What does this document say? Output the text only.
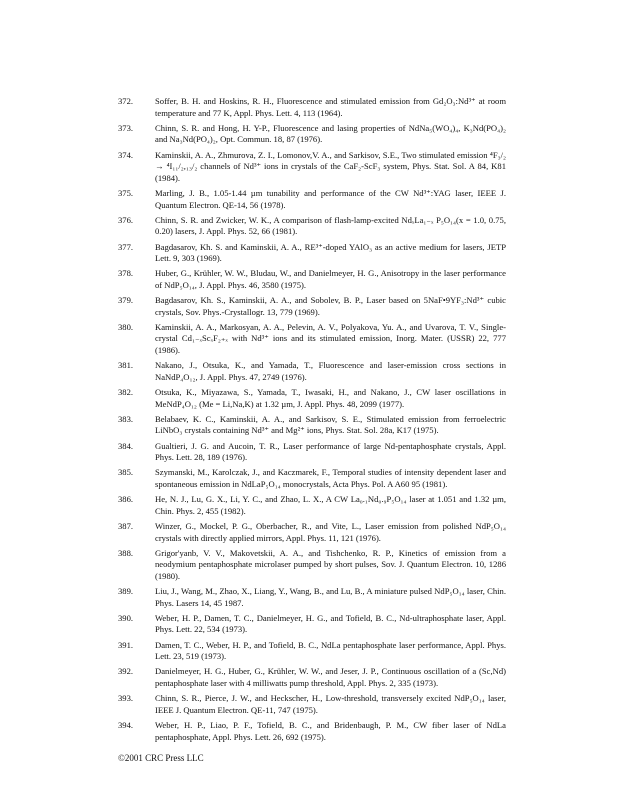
372.	Soffer, B. H. and Hoskins, R. H., Fluorescence and stimulated emission from Gd₂O₃:Nd³⁺ at room temperature and 77 K, Appl. Phys. Lett. 4, 113 (1964).
373.	Chinn, S. R. and Hong, H. Y-P., Fluorescence and lasing properties of NdNa₅(WO₄)₄, K₃Nd(PO₄)₂ and Na₃Nd(PO₄)₂, Opt. Commun. 18, 87 (1976).
374.	Kaminskii, A. A., Zhmurova, Z. I., Lomonov,V. A., and Sarkisov, S.E., Two stimulated emission ⁴F₃/₂ → ⁴I₁₁/₂,₁₃/₂ channels of Nd³⁺ ions in crystals of the CaF₂-ScF₃ system, Phys. Stat. Sol. A 84, K81 (1984).
375.	Marling, J. B., 1.05-1.44 µm tunability and performance of the CW Nd³⁺:YAG laser, IEEE J. Quantum Electron. QE-14, 56 (1978).
376.	Chinn, S. R. and Zwicker, W. K., A comparison of flash-lamp-excited NdₓLa₁₋ₓ P₅O₁₄(x = 1.0, 0.75, 0.20) lasers, J. Appl. Phys. 52, 66 (1981).
377.	Bagdasarov, Kh. S. and Kaminskii, A. A., RE³⁺-doped YAlO₃ as an active medium for lasers, JETP Lett. 9, 303 (1969).
378.	Huber, G., Krühler, W. W., Bludau, W., and Danielmeyer, H. G., Anisotropy in the laser performance of NdP₅O₁₄, J. Appl. Phys. 46, 3580 (1975).
379.	Bagdasarov, Kh. S., Kaminskii, A. A., and Sobolev, B. P., Laser based on 5NaF•9YF₃:Nd³⁺ cubic crystals, Sov. Phys.-Crystallogr. 13, 779 (1969).
380.	Kaminskii, A. A., Markosyan, A. A., Pelevin, A. V., Polyakova, Yu. A., and Uvarova, T. V., Single-crystal Cd₁₋ₓScₓF₂₊ₓ with Nd³⁺ ions and its stimulated emission, Inorg. Mater. (USSR) 22, 777 (1986).
381.	Nakano, J., Otsuka, K., and Yamada, T., Fluorescence and laser-emission cross sections in NaNdP₄O₁₂, J. Appl. Phys. 47, 2749 (1976).
382.	Otsuka, K., Miyazawa, S., Yamada, T., Iwasaki, H., and Nakano, J., CW laser oscillations in MeNdP₄O₁₂ (Me = Li,Na,K) at 1.32 µm, J. Appl. Phys. 48, 2099 (1977).
383.	Belabaev, K. C., Kaminskii, A. A., and Sarkisov, S. E., Stimulated emission from ferroelectric LiNbO₃ crystals containing Nd³⁺ and Mg²⁺ ions, Phys. Stat. Sol. 28a, K17 (1975).
384.	Gualtieri, J. G. and Aucoin, T. R., Laser performance of large Nd-pentaphosphate crystals, Appl. Phys. Lett. 28, 189 (1976).
385.	Szymanski, M., Karolczak, J., and Kaczmarek, F., Temporal studies of intensity dependent laser and spontaneous emission in NdLaP₅O₁₄ monocrystals, Acta Phys. Pol. A A60 95 (1981).
386.	He, N. J., Lu, G. X., Li, Y. C., and Zhao, L. X., A CW La₀.₁Nd₀.₉P₅O₁₄ laser at 1.051 and 1.32 µm, Chin. Phys. 2, 455 (1982).
387.	Winzer, G., Mockel, P. G., Oberbacher, R., and Vite, L., Laser emission from polished NdP₅O₁₄ crystals with directly applied mirrors, Appl. Phys. 11, 121 (1976).
388.	Grigor'yanb, V. V., Makovetskii, A. A., and Tishchenko, R. P., Kinetics of emission from a neodymium pentaphosphate microlaser pumped by short pulses, Sov. J. Quantum Electron. 10, 1286 (1980).
389.	Liu, J., Wang, M., Zhao, X., Liang, Y., Wang, B., and Lu, B., A miniature pulsed NdP₅O₁₄ laser, Chin. Phys. Lasers 14, 45 1987.
390.	Weber, H. P., Damen, T. C., Danielmeyer, H. G., and Tofield, B. C., Nd-ultraphosphate laser, Appl. Phys. Lett. 22, 534 (1973).
391.	Damen, T. C., Weber, H. P., and Tofield, B. C., NdLa pentaphosphate laser performance, Appl. Phys. Lett. 23, 519 (1973).
392.	Danielmeyer, H. G., Huber, G., Krühler, W. W., and Jeser, J. P., Continuous oscillation of a (Sc,Nd) pentaphosphate laser with 4 milliwatts pump threshold, Appl. Phys. 2, 335 (1973).
393.	Chinn, S. R., Pierce, J. W., and Heckscher, H., Low-threshold, transversely excited NdP₅O₁₄ laser, IEEE J. Quantum Electron. QE-11, 747 (1975).
394.	Weber, H. P., Liao, P. F., Tofield, B. C., and Bridenbaugh, P. M., CW fiber laser of NdLa pentaphosphate, Appl. Phys. Lett. 26, 692 (1975).
©2001 CRC Press LLC
